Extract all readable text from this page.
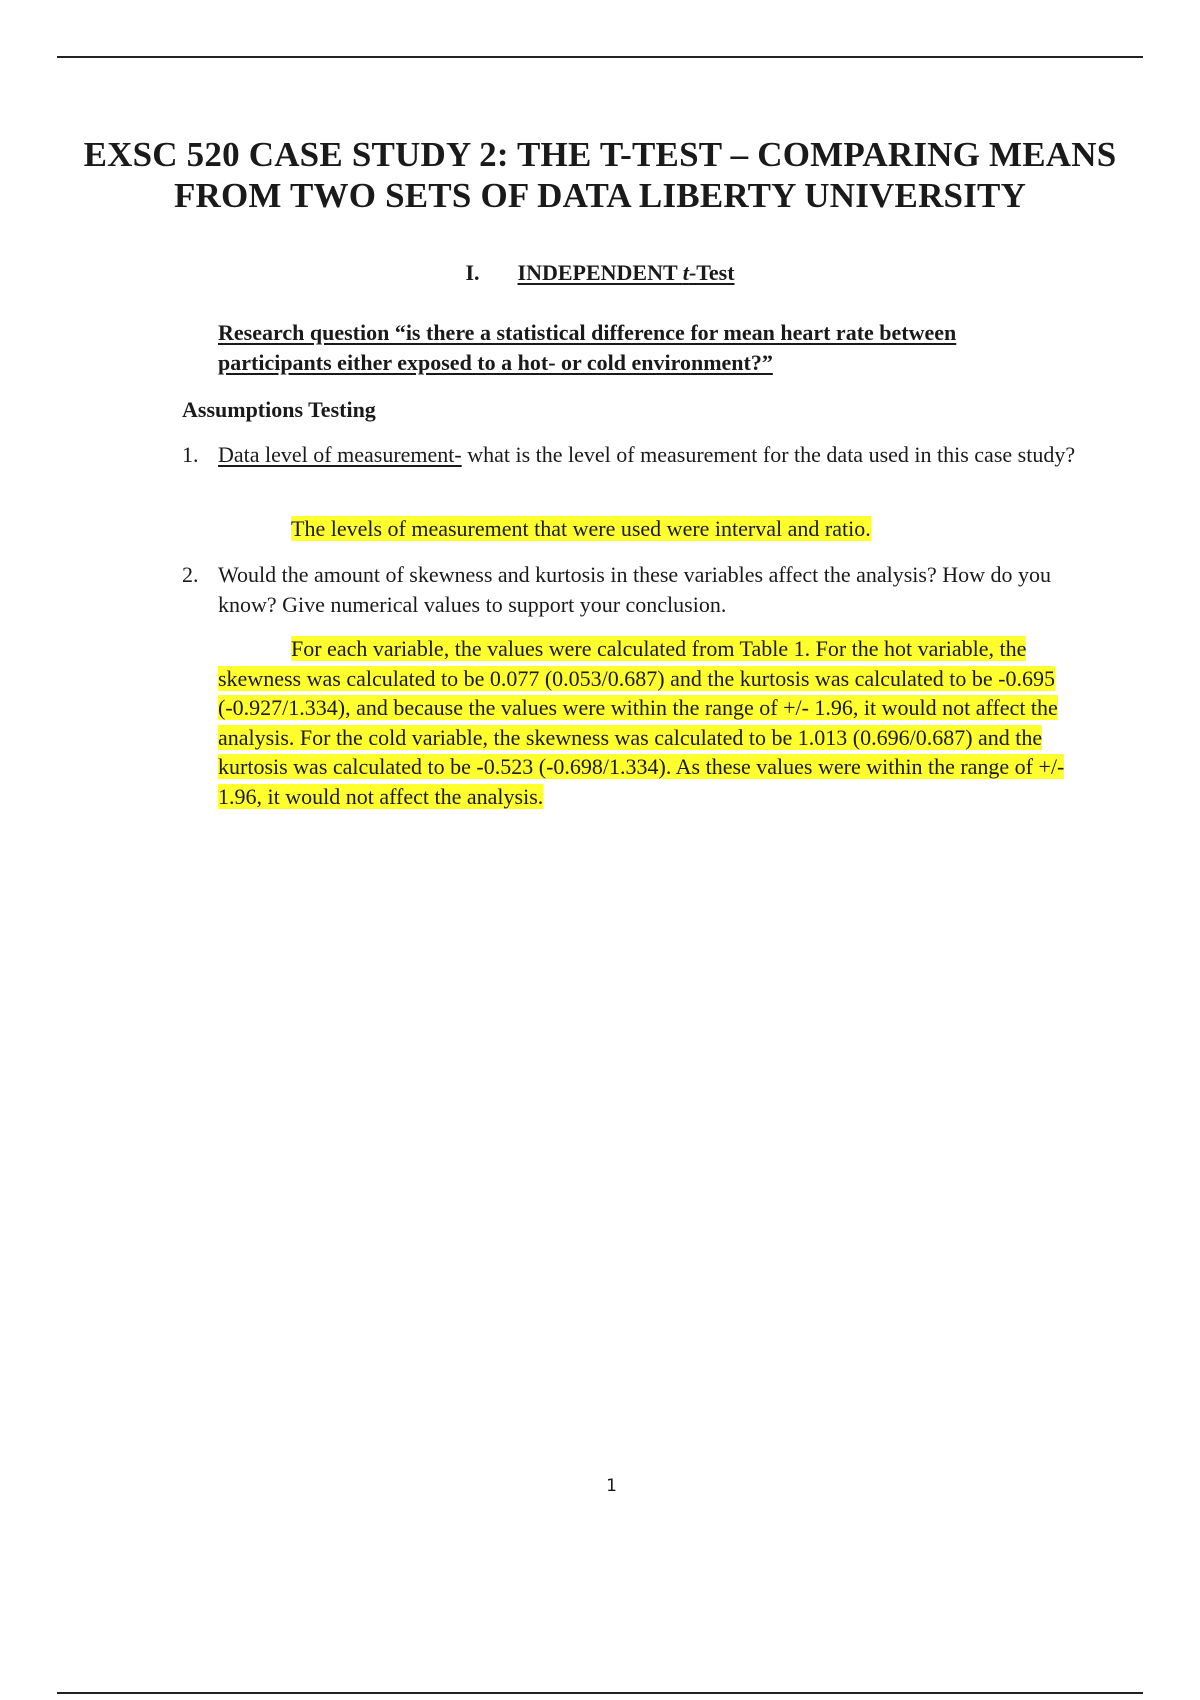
EXSC 520 CASE STUDY 2: THE T-TEST – COMPARING MEANS FROM TWO SETS OF DATA LIBERTY UNIVERSITY
I. INDEPENDENT t-Test
Research question “is there a statistical difference for mean heart rate between participants either exposed to a hot- or cold environment?”
Assumptions Testing
1. Data level of measurement- what is the level of measurement for the data used in this case study?
The levels of measurement that were used were interval and ratio.
2. Would the amount of skewness and kurtosis in these variables affect the analysis? How do you know? Give numerical values to support your conclusion.
For each variable, the values were calculated from Table 1. For the hot variable, the skewness was calculated to be 0.077 (0.053/0.687) and the kurtosis was calculated to be -0.695 (-0.927/1.334), and because the values were within the range of +/- 1.96, it would not affect the analysis. For the cold variable, the skewness was calculated to be 1.013 (0.696/0.687) and the kurtosis was calculated to be -0.523 (-0.698/1.334). As these values were within the range of +/- 1.96, it would not affect the analysis.
1
